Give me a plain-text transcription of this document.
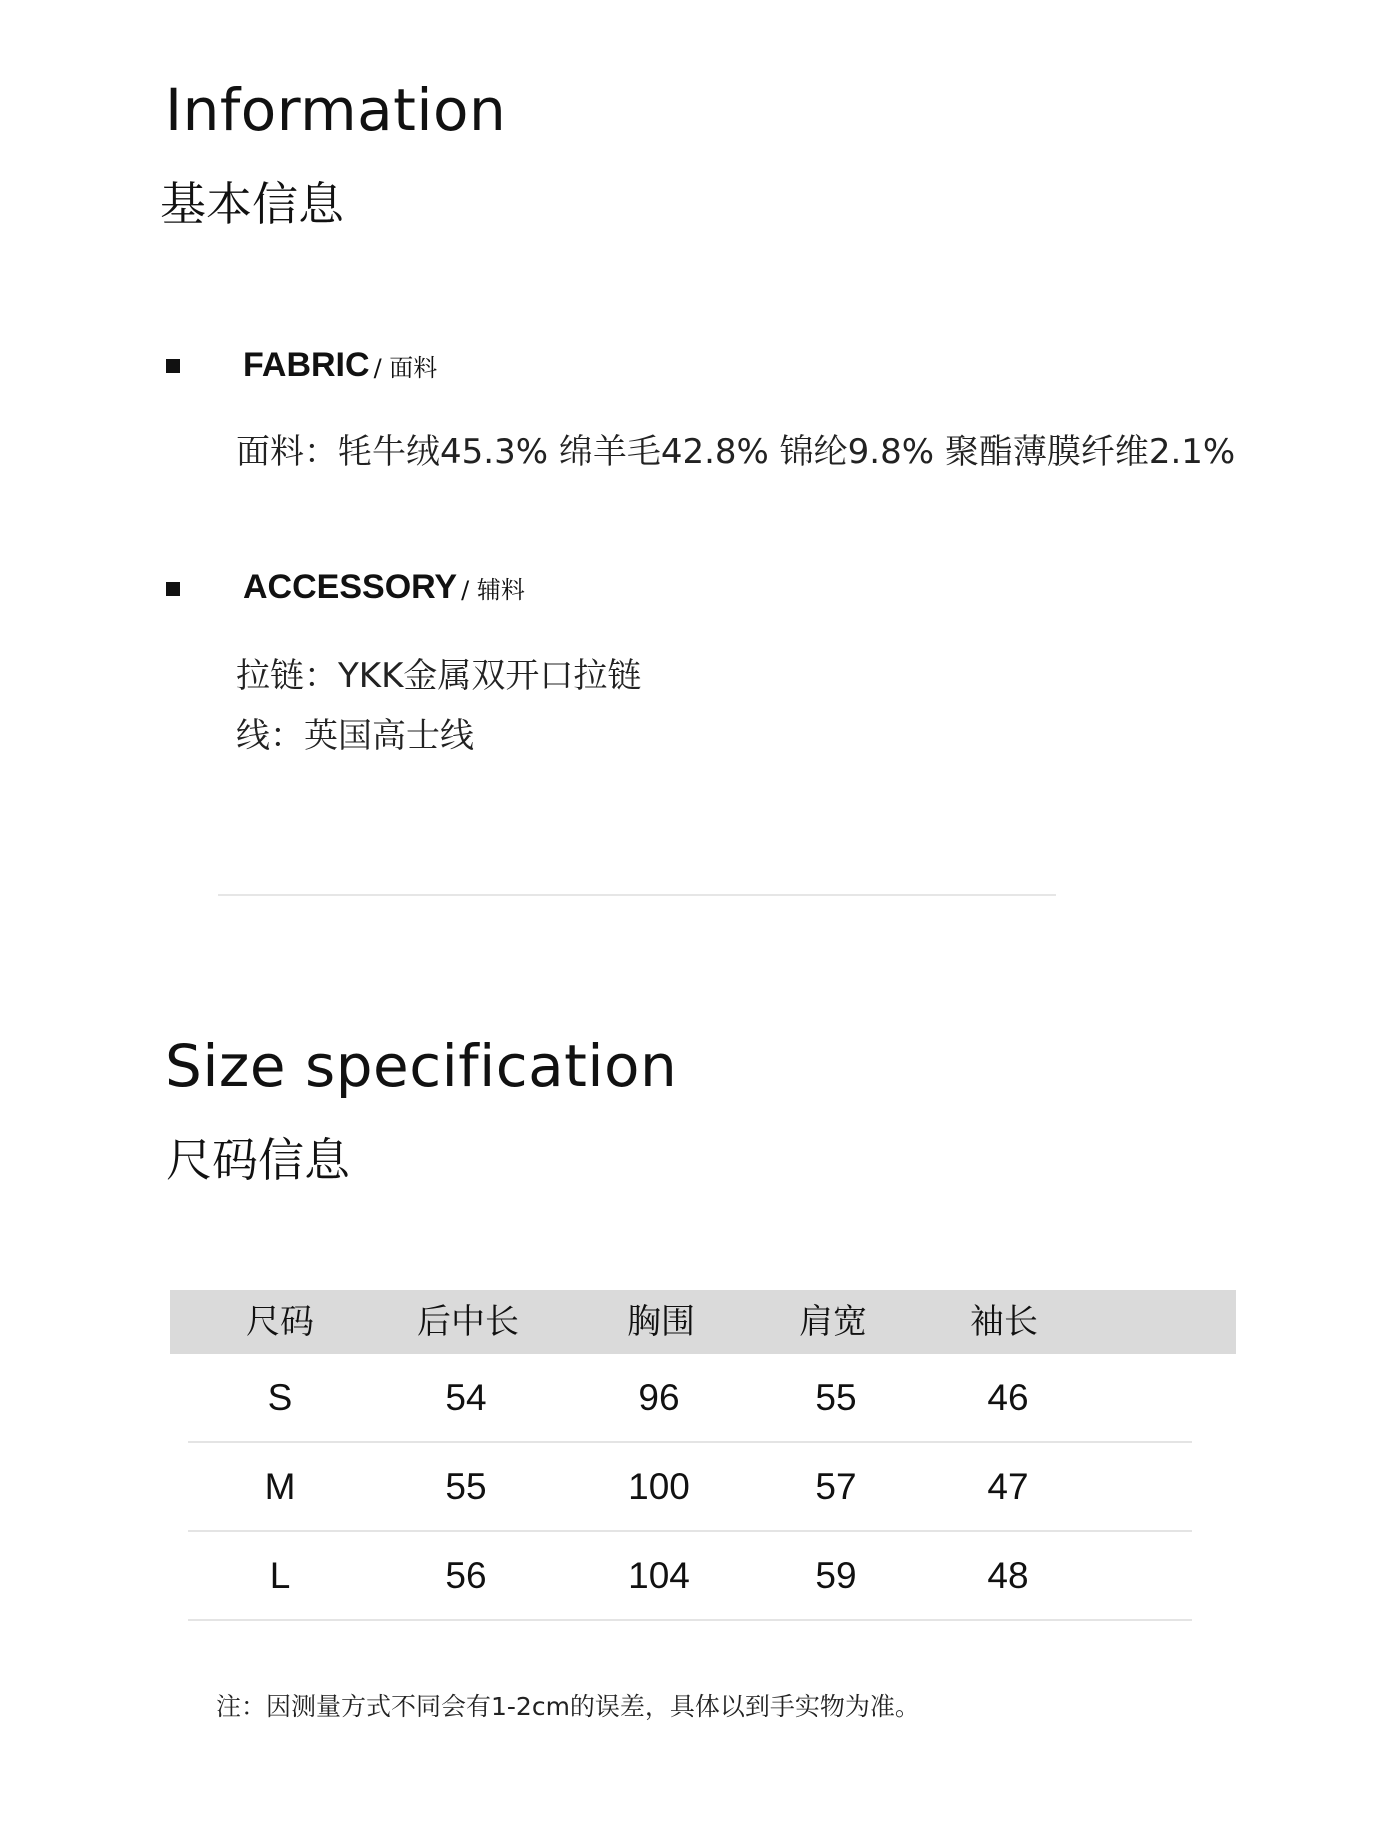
Information
基本信息
FABRIC / 面料
面料：牦牛绒45.3% 绵羊毛42.8% 锦纶9.8% 聚酯薄膜纤维2.1%
ACCESSORY / 辅料
拉链：YKK金属双开口拉链
线：英国高士线
Size specification
尺码信息
尺码	后中长	胸围	肩宽	袖长
S	54	96	55	46
M	55	100	57	47
L	56	104	59	48
注：因测量方式不同会有1-2cm的误差，具体以到手实物为准。
